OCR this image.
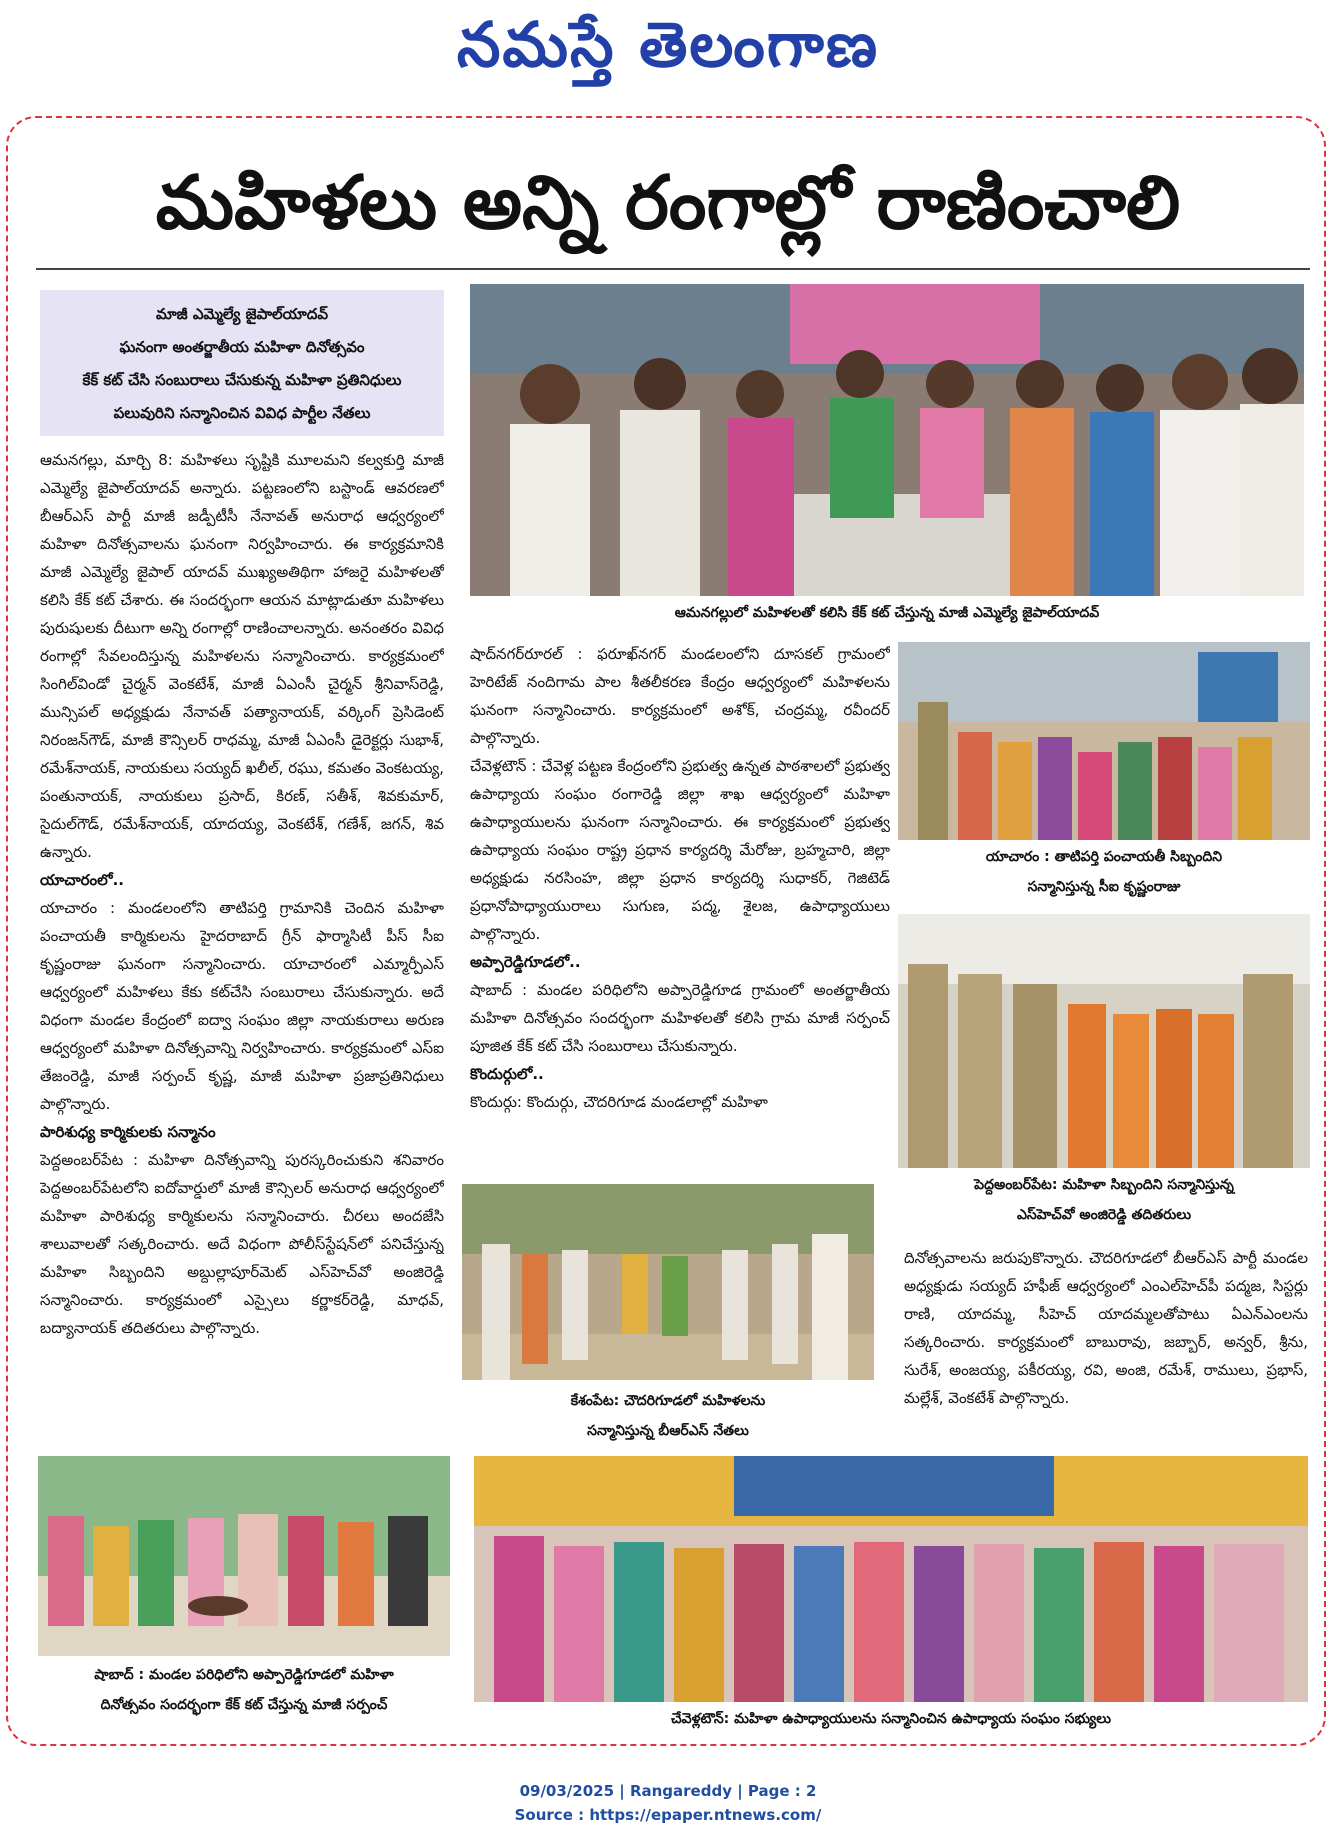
నమస్తే తెలంగాణ
మహిళలు అన్ని రంగాల్లో రాణించాలి
మాజీ ఎమ్మెల్యే జైపాల్‌యాదవ్
ఘనంగా అంతర్జాతీయ మహిళా దినోత్సవం
కేక్ కట్ చేసి సంబురాలు చేసుకున్న మహిళా ప్రతినిధులు
పలువురిని సన్మానించిన వివిధ పార్టీల నేతలు

ఆమనగల్లు, మార్చి 8: మహిళలు సృష్టికి మూలమని కల్వకుర్తి మాజీ ఎమ్మెల్యే జైపాల్‌యాదవ్ అన్నారు. పట్టణంలోని బస్టాండ్ ఆవరణలో బీఆర్ఎస్ పార్టీ మాజీ జడ్పీటీసీ నేనావత్ అనురాధ ఆధ్వర్యంలో మహిళా దినోత్సవాలను ఘనంగా నిర్వహించారు. ఈ కార్యక్రమానికి మాజీ ఎమ్మెల్యే జైపాల్ యాదవ్ ముఖ్యఅతిథిగా హాజరై మహిళలతో కలిసి కేక్ కట్ చేశారు. ఈ సందర్భంగా ఆయన మాట్లాడుతూ మహిళలు పురుషులకు దీటుగా అన్ని రంగాల్లో రాణించాలన్నారు. అనంతరం వివిధ రంగాల్లో సేవలందిస్తున్న మహిళలను సన్మానించారు. కార్యక్రమంలో సింగిల్‌విండో చైర్మన్ వెంకటేశ్, మాజీ ఏఎంసీ చైర్మన్ శ్రీనివాస్‌రెడ్డి, మున్సిపల్ అధ్యక్షుడు నేనావత్ పత్యానాయక్, వర్కింగ్ ప్రెసిడెంట్ నిరంజన్‌గౌడ్, మాజీ కౌన్సిలర్ రాధమ్మ, మాజీ ఏఎంసీ డైరెక్టర్లు సుభాశ్, రమేశ్‌నాయక్, నాయకులు సయ్యద్ ఖలీల్, రఘు, కమతం వెంకటయ్య, పంతునాయక్, నాయకులు ప్రసాద్, కిరణ్, సతీశ్, శివకుమార్, సైదుల్‌గౌడ్, రమేశ్‌నాయక్, యాదయ్య, వెంకటేశ్, గణేశ్, జగన్, శివ ఉన్నారు.

యాచారంలో..

యాచారం : మండలంలోని తాటిపర్తి గ్రామానికి చెందిన మహిళా పంచాయతీ కార్మికులను హైదరాబాద్ గ్రీన్ ఫార్మాసిటీ పీస్ సీఐ కృష్ణంరాజు ఘనంగా సన్మానించారు. యాచారంలో ఎమ్మార్పీఎస్ ఆధ్వర్యంలో మహిళలు కేకు కట్‌చేసి సంబురాలు చేసుకున్నారు. అదే విధంగా మండల కేంద్రంలో ఐద్వా సంఘం జిల్లా నాయకురాలు అరుణ ఆధ్వర్యంలో మహిళా దినోత్సవాన్ని నిర్వహించారు. కార్యక్రమంలో ఎస్‌ఐ తేజంరెడ్డి, మాజీ సర్పంచ్ కృష్ణ, మాజీ మహిళా ప్రజాప్రతినిధులు పాల్గొన్నారు.

పారిశుధ్య కార్మికులకు సన్మానం

పెద్దఅంబర్‌పేట : మహిళా దినోత్సవాన్ని పురస్కరించుకుని శనివారం పెద్దఅంబర్‌పేటలోని ఐదోవార్డులో మాజీ కౌన్సిలర్ అనురాధ ఆధ్వర్యంలో మహిళా పారిశుధ్య కార్మికులను సన్మానించారు. చీరలు అందజేసి శాలువాలతో సత్కరించారు. అదే విధంగా పోలీస్‌స్టేషన్‌లో పనిచేస్తున్న మహిళా సిబ్బందిని అబ్దుల్లాపూర్‌మెట్ ఎస్‌హెచ్‌వో అంజిరెడ్డి సన్మానించారు. కార్యక్రమంలో ఎస్సైలు కర్ణాకర్‌రెడ్డి, మాధవ్, బద్యానాయక్ తదితరులు పాల్గొన్నారు.

ఆమనగల్లులో మహిళలతో కలిసి కేక్ కట్ చేస్తున్న మాజీ ఎమ్మెల్యే జైపాల్‌యాదవ్

షాద్‌నగర్‌రూరల్ : ఫరూఖ్‌నగర్ మండలంలోని దూసకల్ గ్రామంలో హెరిటేజ్ నందిగామ పాల శీతలీకరణ కేంద్రం ఆధ్వర్యంలో మహిళలను ఘనంగా సన్మానించారు. కార్యక్రమంలో అశోక్, చంద్రమ్మ, రవీందర్ పాల్గొన్నారు.

చేవెళ్లటౌన్ : చేవెళ్ల పట్టణ కేంద్రంలోని ప్రభుత్వ ఉన్నత పాఠశాలలో ప్రభుత్వ ఉపాధ్యాయ సంఘం రంగారెడ్డి జిల్లా శాఖ ఆధ్వర్యంలో మహిళా ఉపాధ్యాయులను ఘనంగా సన్మానించారు. ఈ కార్యక్రమంలో ప్రభుత్వ ఉపాధ్యాయ సంఘం రాష్ట్ర ప్రధాన కార్యదర్శి మేరోజు, బ్రహ్మచారి, జిల్లా అధ్యక్షుడు నరసింహ, జిల్లా ప్రధాన కార్యదర్శి సుధాకర్, గెజిటెడ్ ప్రధానోపాధ్యాయురాలు సుగుణ, పద్మ, శైలజ, ఉపాధ్యాయులు పాల్గొన్నారు.

అప్పారెడ్డిగూడలో..

షాబాద్ : మండల పరిధిలోని అప్పారెడ్డిగూడ గ్రామంలో అంతర్జాతీయ మహిళా దినోత్సవం సందర్భంగా మహిళలతో కలిసి గ్రామ మాజీ సర్పంచ్ పూజిత కేక్ కట్ చేసి సంబురాలు చేసుకున్నారు.

కొందుర్గులో..

కొందుర్గు: కొందుర్గు, చౌదరిగూడ మండలాల్లో మహిళా

యాచారం : తాటిపర్తి పంచాయతీ సిబ్బందిని
సన్మానిస్తున్న సీఐ కృష్ణంరాజు
పెద్దఅంబర్‌పేట: మహిళా సిబ్బందిని సన్మానిస్తున్న
ఎస్‌హెచ్‌వో అంజిరెడ్డి తదితరులు
కేశంపేట: చౌదరిగూడలో మహిళలను
సన్మానిస్తున్న బీఆర్ఎస్ నేతలు

దినోత్సవాలను జరుపుకొన్నారు. చౌదరిగూడలో బీఆర్ఎస్ పార్టీ మండల అధ్యక్షుడు సయ్యద్ హఫీజ్ ఆధ్వర్యంలో ఎంఎల్‌హెచ్‌పీ పద్మజ, సిస్టర్లు రాణి, యాదమ్మ, సీహెచ్ యాదమ్మలతోపాటు ఏఎన్ఎంలను సత్కరించారు. కార్యక్రమంలో బాబురావు, జబ్బార్, అన్వర్, శ్రీను, సురేశ్, అంజయ్య, పకీరయ్య, రవి, అంజి, రమేశ్, రాములు, ప్రభాస్, మల్లేశ్, వెంకటేశ్ పాల్గొన్నారు.

షాబాద్ : మండల పరిధిలోని అప్పారెడ్డిగూడలో మహిళా
దినోత్సవం సందర్భంగా కేక్ కట్ చేస్తున్న మాజీ సర్పంచ్
చేవెళ్లటౌన్: మహిళా ఉపాధ్యాయులను సన్మానించిన ఉపాధ్యాయ సంఘం సభ్యులు
09/03/2025 | Rangareddy | Page : 2
Source : https://epaper.ntnews.com/
